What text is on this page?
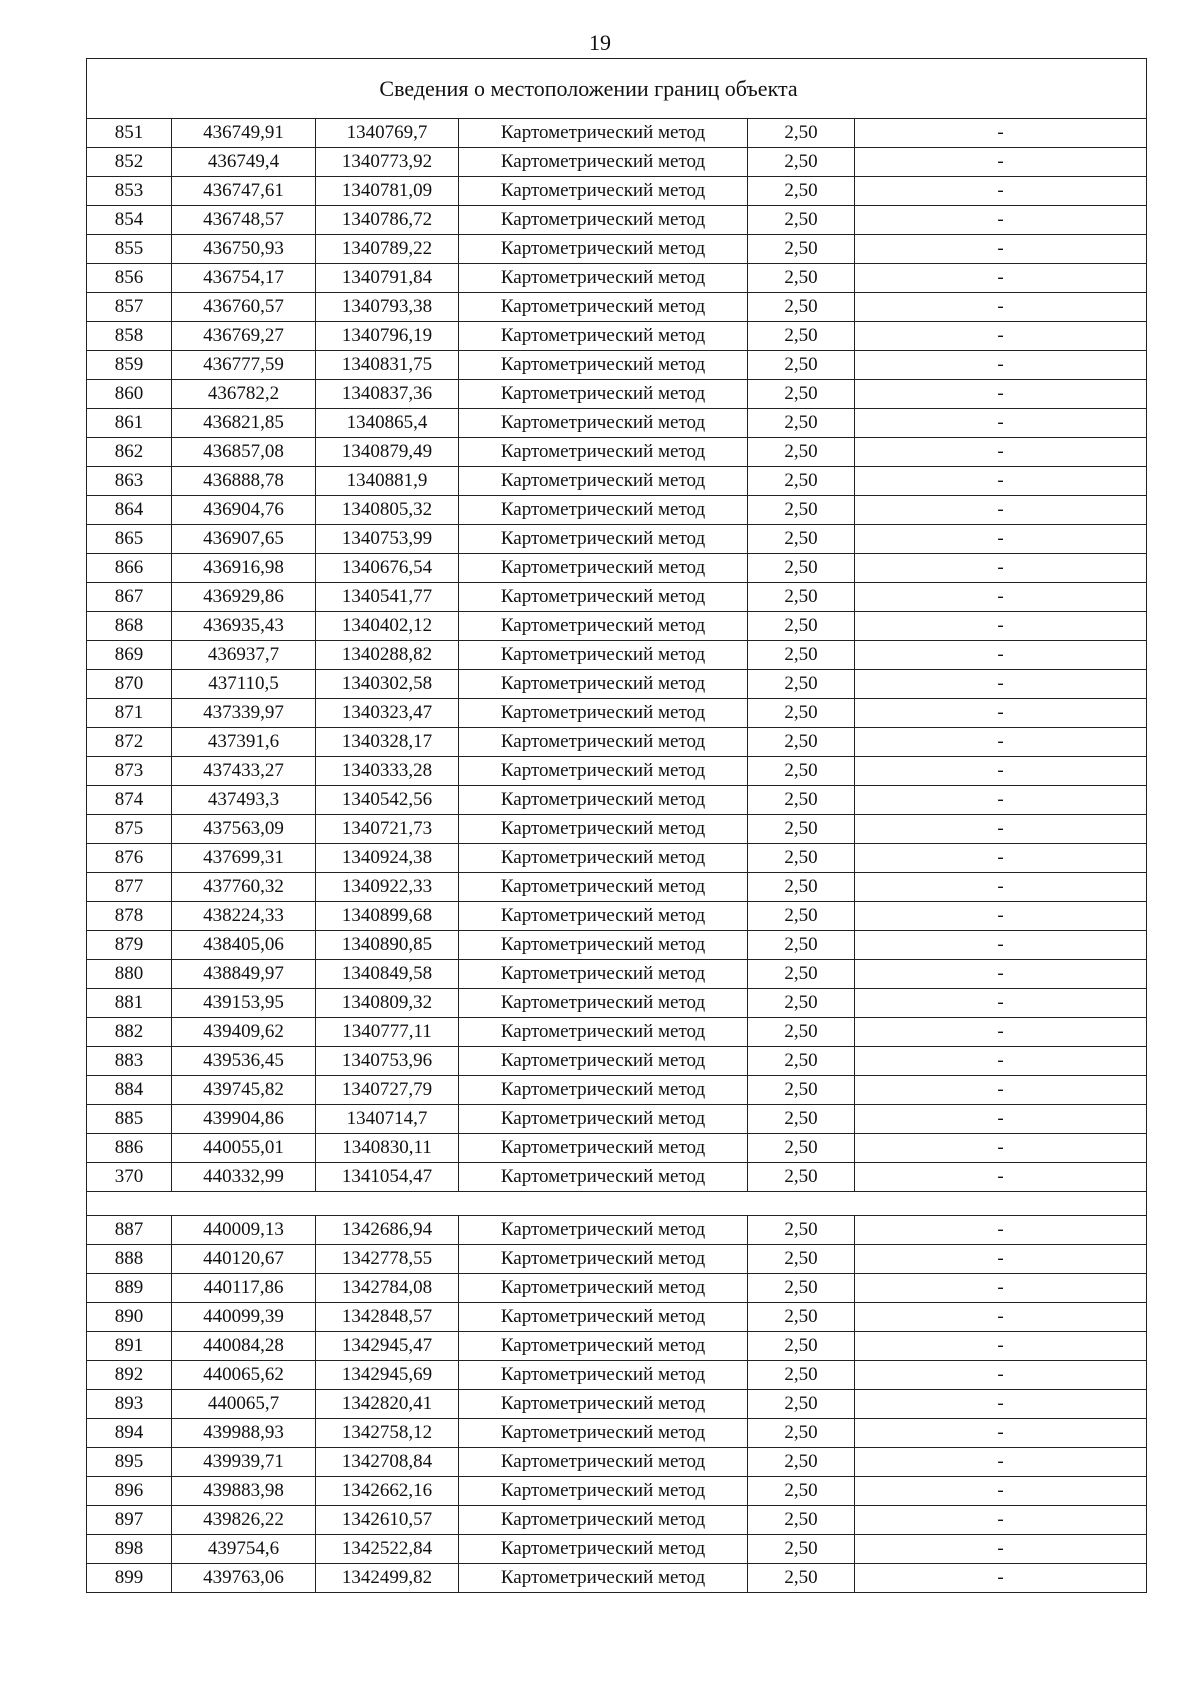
19
Сведения о местоположении границ объекта					
851	436749,91	1340769,7	Картометрический метод	2,50	-
852	436749,4	1340773,92	Картометрический метод	2,50	-
853	436747,61	1340781,09	Картометрический метод	2,50	-
854	436748,57	1340786,72	Картометрический метод	2,50	-
855	436750,93	1340789,22	Картометрический метод	2,50	-
856	436754,17	1340791,84	Картометрический метод	2,50	-
857	436760,57	1340793,38	Картометрический метод	2,50	-
858	436769,27	1340796,19	Картометрический метод	2,50	-
859	436777,59	1340831,75	Картометрический метод	2,50	-
860	436782,2	1340837,36	Картометрический метод	2,50	-
861	436821,85	1340865,4	Картометрический метод	2,50	-
862	436857,08	1340879,49	Картометрический метод	2,50	-
863	436888,78	1340881,9	Картометрический метод	2,50	-
864	436904,76	1340805,32	Картометрический метод	2,50	-
865	436907,65	1340753,99	Картометрический метод	2,50	-
866	436916,98	1340676,54	Картометрический метод	2,50	-
867	436929,86	1340541,77	Картометрический метод	2,50	-
868	436935,43	1340402,12	Картометрический метод	2,50	-
869	436937,7	1340288,82	Картометрический метод	2,50	-
870	437110,5	1340302,58	Картометрический метод	2,50	-
871	437339,97	1340323,47	Картометрический метод	2,50	-
872	437391,6	1340328,17	Картометрический метод	2,50	-
873	437433,27	1340333,28	Картометрический метод	2,50	-
874	437493,3	1340542,56	Картометрический метод	2,50	-
875	437563,09	1340721,73	Картометрический метод	2,50	-
876	437699,31	1340924,38	Картометрический метод	2,50	-
877	437760,32	1340922,33	Картометрический метод	2,50	-
878	438224,33	1340899,68	Картометрический метод	2,50	-
879	438405,06	1340890,85	Картометрический метод	2,50	-
880	438849,97	1340849,58	Картометрический метод	2,50	-
881	439153,95	1340809,32	Картометрический метод	2,50	-
882	439409,62	1340777,11	Картометрический метод	2,50	-
883	439536,45	1340753,96	Картометрический метод	2,50	-
884	439745,82	1340727,79	Картометрический метод	2,50	-
885	439904,86	1340714,7	Картометрический метод	2,50	-
886	440055,01	1340830,11	Картометрический метод	2,50	-
370	440332,99	1341054,47	Картометрический метод	2,50	-

887	440009,13	1342686,94	Картометрический метод	2,50	-
888	440120,67	1342778,55	Картометрический метод	2,50	-
889	440117,86	1342784,08	Картометрический метод	2,50	-
890	440099,39	1342848,57	Картометрический метод	2,50	-
891	440084,28	1342945,47	Картометрический метод	2,50	-
892	440065,62	1342945,69	Картометрический метод	2,50	-
893	440065,7	1342820,41	Картометрический метод	2,50	-
894	439988,93	1342758,12	Картометрический метод	2,50	-
895	439939,71	1342708,84	Картометрический метод	2,50	-
896	439883,98	1342662,16	Картометрический метод	2,50	-
897	439826,22	1342610,57	Картометрический метод	2,50	-
898	439754,6	1342522,84	Картометрический метод	2,50	-
899	439763,06	1342499,82	Картометрический метод	2,50	-
